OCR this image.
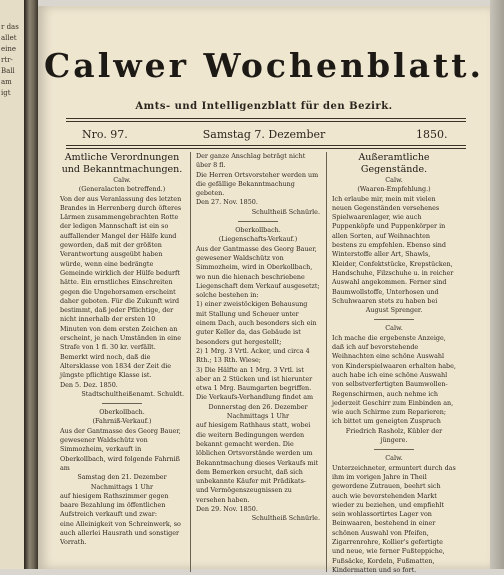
r das
allet
eine
rtr-
Ball
am
igt
Calwer Wochenblatt.
Amts- und Intelligenzblatt für den Bezirk.
Nro. 97.	Samstag 7. Dezember	1850.
Amtliche Verordnungen und Bekanntmachungen.
Calw.
(Generalacten betreffend.)

Von der aus Veranlassung des letzten Brandes in Herrenberg durch öfteres Lärmen zusammengebrachten Rotte der ledigen Mannschaft ist ein so auffallender Mangel der Hälfe kund geworden, daß mit der größten Verantwortung ausgeübt haben würde, wenn eine bedrängte Gemeinde wirklich der Hülfe bedurft hätte. Ein ernstliches Einschreiten gegen die Ungehorsamen erscheint daher geboten. Für die Zukunft wird bestimmt, daß jeder Pflichtige, der nicht innerhalb der ersten 10 Minuten von dem ersten Zeichen an erscheint, je nach Umständen in eine Strafe von 1 fl. 30 kr. verfällt. Bemerkt wird noch, daß die Altersklasse von 1834 der Zeit die jüngste pflichtige Klasse ist.

Den 5. Dez. 1850.

Stadtschultheißenamt. Schuldt.

Oberkollbach.
(Fahrniß-Verkauf.)

Aus der Gantmasse des Georg Bauer, gewesener Waldschütz von Simmozheim, verkauft in Oberkollbach, wird folgende Fahrniß am

Samstag den 21. Dezember
Nachmittags 1 Uhr

auf hiesigem Rathszimmer gegen baare Bezahlung im öffentlichen Aufstreich verkauft und zwar:

eine Alleinigkeit von Schreinwerk, so auch allerlei Hausrath und sonstiger Vorrath.

Der ganze Anschlag beträgt nicht über 8 fl.

Die Herren Ortsvorsteher werden um die gefällige Bekanntmachung gebeten.

Den 27. Nov. 1850.

Schultheiß Schnürle.

Oberkollbach.
(Liegenschafts-Verkauf.)

Aus der Gantmasse des Georg Bauer, gewesener Waldschütz von Simmozheim, wird in Oberkollbach, wo nun die hienach beschriebene Liegenschaft dem Verkauf ausgesetzt; solche bestehen in:

1) einer zweistöckigen Behausung mit Stallung und Scheuer unter einem Dach, auch besonders sich ein guter Keller da, das Gebäude ist besonders gut hergestellt;

2) 1 Mrg. 3 Vrtl. Acker, und circa 4 Rth.; 13 Rth. Wiese;

3) Die Hälfte an 1 Mrg. 3 Vrtl. ist aber an 2 Stücken und ist hierunter etwa 1 Mrg. Baumgarten begriffen.

Die Verkaufs-Verhandlung findet am

Donnerstag den 26. Dezember
Nachmittags 1 Uhr

auf hiesigem Rathhaus statt, wobei die weitern Bedingungen werden bekannt gemacht werden. Die löblichen Ortsvorstände werden um Bekanntmachung dieses Verkaufs mit dem Bemerken ersucht, daß sich unbekannte Käufer mit Prädikats- und Vermögenszeugnissen zu versehen haben.

Den 29. Nov. 1850.

Schultheiß Schnürle.

Außeramtliche Gegenstände.
Calw.
(Waaren-Empfehlung.)

Ich erlaube mir, mein mit vielen neuen Gegenständen versehenes Spielwaarenlager, wie auch Puppenköpfe und Puppenkörper in allen Sorten, auf Weihnachten bestens zu empfehlen. Ebenso sind Winterstoffe aller Art, Shawls, Kleider, Confektstücke, Krepstücken, Handschuhe, Filzschuhe u. in reicher Auswahl angekommen. Ferner sind Baumwollstoffe, Unterhosen und Schuhwaaren stets zu haben bei

August Sprenger.
Calw.

Ich mache die ergebenste Anzeige, daß ich auf bevorstehende Weihnachten eine schöne Auswahl von Kinderspielwaaren erhalten habe, auch habe ich eine schöne Auswahl von selbstverfertigten Baumwollen-Regenschirmen, auch nehme ich jederzeit Geschirr zum Einbinden an, wie auch Schirme zum Reparieren; ich bittet um geneigten Zuspruch

Friedrich Rasholz, Kübler der jüngere.
Calw.

Unterzeichneter, ermuntert durch das ihm im vorigen Jahre in Theil gewordene Zutrauen, beehrt sich auch wie bevorstehenden Markt wieder zu beziehen, und empfiehlt sein wohlassortirtes Lager von Beinwaaren, bestehend in einer schönen Auswahl von Pfeifen, Zigarrenrohre, Kollier's gefertigte und neue, wie ferner Fußteppiche, Fußsäcke, Kordeln, Fußmatten, Kindermatten und so fort.
